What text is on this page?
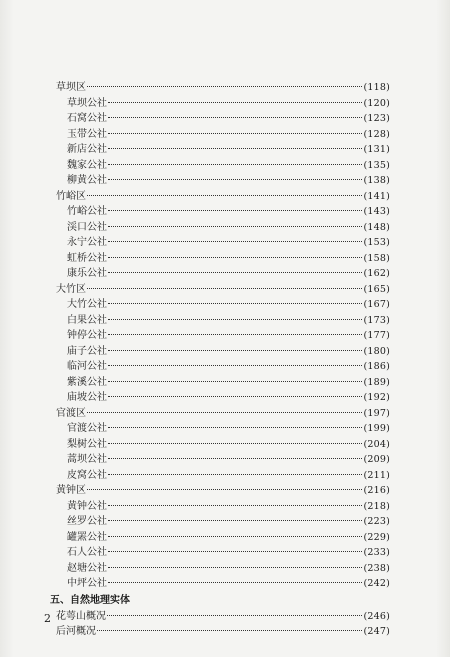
草坝区	(118)
草坝公社	(120)
石窝公社	(123)
玉带公社	(128)
新店公社	(131)
魏家公社	(135)
柳黄公社	(138)
竹峪区	(141)
竹峪公社	(143)
渓口公社	(148)
永宁公社	(153)
虹桥公社	(158)
康乐公社	(162)
大竹区	(165)
大竹公社	(167)
白果公社	(173)
钟停公社	(177)
庙子公社	(180)
临河公社	(186)
紫溪公社	(189)
庙坡公社	(192)
官渡区	(197)
官渡公社	(199)
梨树公社	(204)
蒿坝公社	(209)
皮窝公社	(211)
黄钟区	(216)
黄钟公社	(218)
丝罗公社	(223)
罐罴公社	(229)
石人公社	(233)
赵塘公社	(238)
中坪公社	(242)
五、自然地理实体
花萼山概况	(246)
后河概况	(247)
2
